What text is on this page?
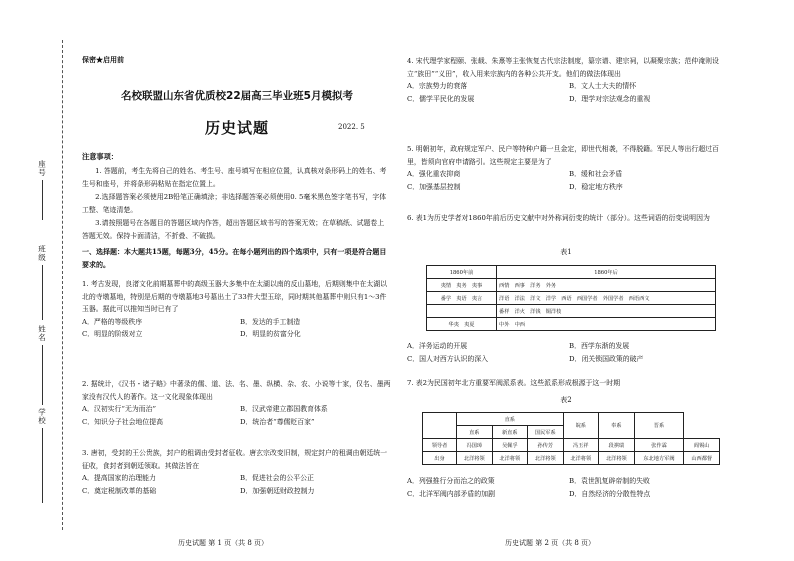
座号
班级
姓名
学校
保密★启用前
名校联盟山东省优质校22届高三毕业班5月模拟考
历史试题	2022. 5
注意事项：
1. 答题前，考生先将自己的姓名、考生号、座号填写在相应位置，认真核对条形码上的姓名、考生号和座号，并将条形码粘贴在指定位置上。
2.选择题答案必须使用2B铅笔正确填涂；非选择题答案必须使用0. 5毫米黑色签字笔书写，字体工整、笔迹清楚。
3.请按照题号在各题目的答题区域内作答，超出答题区域书写的答案无效；在草稿纸、试题卷上答题无效。保持卡面清洁，不折叠、不破损。
一、选择题：本大题共15题，每题3分，45分。在每小题列出的四个选项中，只有一项是符合题目要求的。
1. 考古发现，良渚文化前期墓葬中的高级玉器大多集中在太湖以南的反山墓地，后期则集中在太湖以北的寺墩墓地，特别是后期的寺墩墓地3号墓出土了33件大型玉琮，同时期其他墓葬中则只有1～3件玉器。据此可以推知当时已有了
A．严格的等级秩序	B．发达的手工制造
C．明显的阶级对立	D．明显的贫富分化
2. 据统计，《汉书・诸子略》中著录的儒、道、法、名、墨、纵横、杂、农、小说等十家，仅名、墨两家没有汉代人的著作。这一文化现象体现出
A．汉初实行“无为而治”	B．汉武帝建立郡国教育体系
C．知识分子社会地位提高	D．统治者“尊儒贬百家”
3. 唐初，受封的王公贵族，封户的租调由受封者征收。唐玄宗改变旧制，规定封户的租调由朝廷统一征收，食封者到朝廷领取。其做法旨在
A．提高国家的治理能力	B．促进社会的公平公正
C．奠定税制改革的基础	D．加强朝廷财政控制力
历史试题 第 1 页（共 8 页）
4. 宋代理学家程颐、张载、朱熹等主张恢复古代宗法制度，纂宗谱、建宗祠，以凝聚宗族；范仲淹则设立“族田”“义田”，收入用来宗族内的各种公共开支。他们的做法体现出
A．宗族势力的衰落	B．文人士大夫的情怀
C．儒学平民化的发展	D．理学对宗法观念的重视
5. 明朝初年，政府规定军户、民户等特种户籍一旦金定，即世代相袭，不得脱籍。军民人等出行超过百里，皆须向官府申请路引。这些规定主要是为了
A．强化重农抑商	B．缓和社会矛盾
C．加强基层控制	D．稳定地方秩序
6. 表1为历史学者对1860年前后历史文献中对外称词衍变的统计（部分）。这些词语的衍变说明因为
表1
1860年前	1860年后
夷情　夷务　夷事	西情　西事　洋务　外务
番学　夷语　夷言	洋语　洋法　洋文　洋学　西语　西国学者　外国学者　西语西文
	番样　洋火　洋钱　铜洋枝
华夷　夷夏	中外　中西
A．洋务运动的开展	B．西学东渐的发展
C．国人对西方认识的深入	D．闭关锁国政策的破产
7. 表2为民国初年北方重要军阀派系表。这些派系形成根源于这一时期
表2
	直系			皖系	奉系	晋系	
	直系	新直系	国民军系				
领导者	冯国璋	吴佩孚	孙传芳	冯玉祥	段祺瑞	张作霖	阎锡山
出身	北洋将领	北洋将领	北洋将领	北洋将领	北洋将领	东北地方军阀	山西都督
A．列强推行分而治之的政策	B．袁世凯复辟帝制的失败
C．北洋军阀内部矛盾的加剧	D．自然经济的分散性特点
历史试题 第 2 页（共 8 页）
